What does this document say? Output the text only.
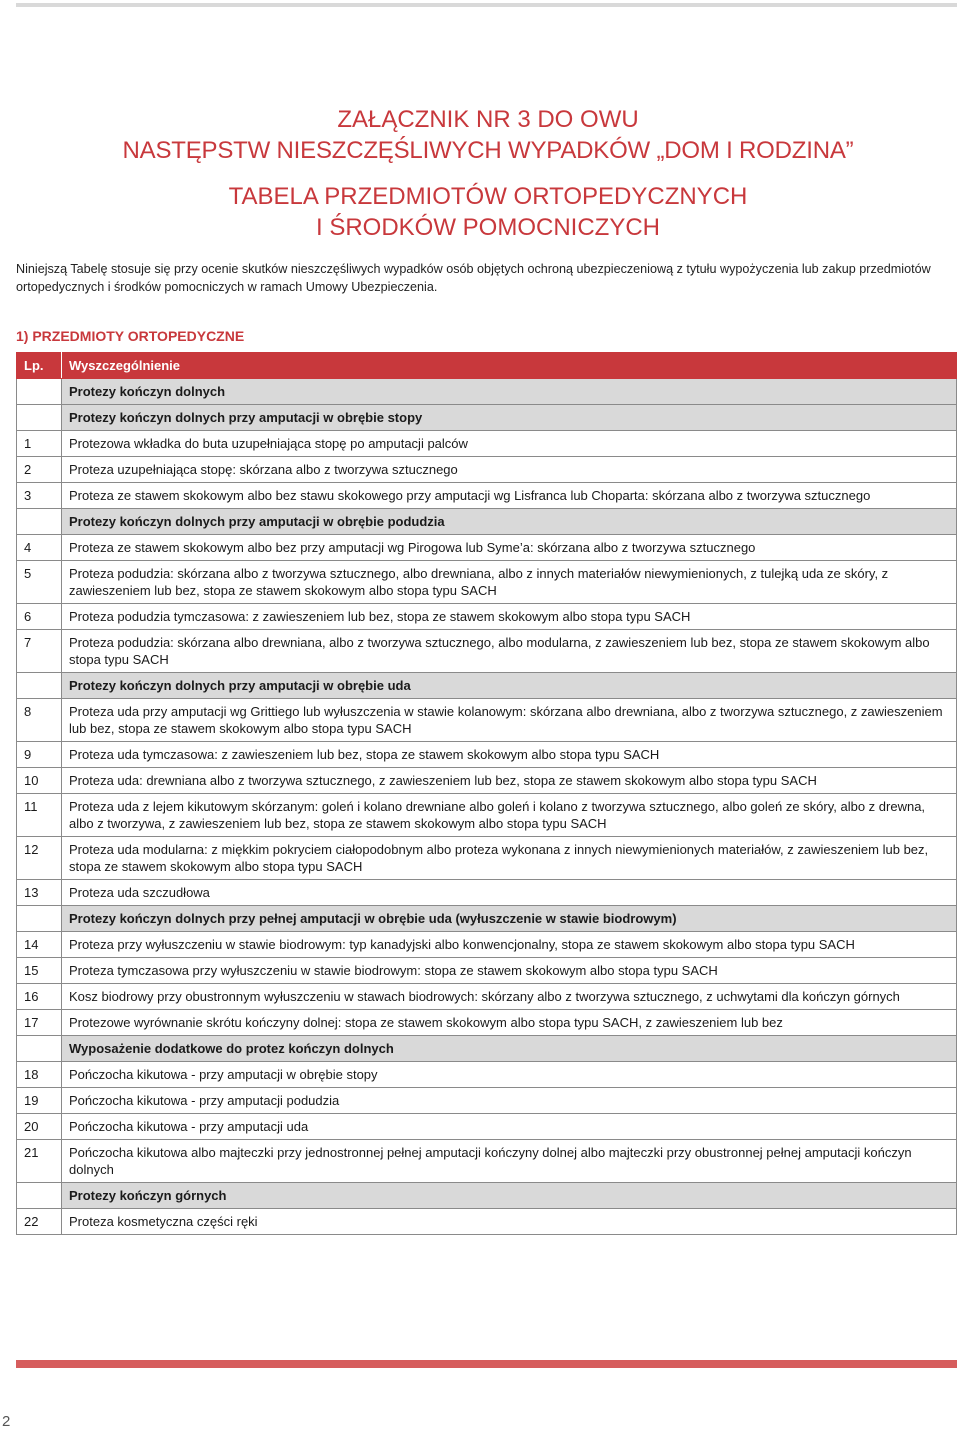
ZAŁĄCZNIK NR 3 DO OWU

NASTĘPSTW NIESZCZĘŚLIWYCH WYPADKÓW „DOM I RODZINA”

TABELA PRZEDMIOTÓW ORTOPEDYCZNYCH

I ŚRODKÓW POMOCNICZYCH

Niniejszą Tabelę stosuje się przy ocenie skutków nieszczęśliwych wypadków osób objętych ochroną ubezpieczeniową z tytułu wypożyczenia lub zakup przedmiotów ortopedycznych i środków pomocniczych w ramach Umowy Ubezpieczenia.

1) PRZEDMIOTY ORTOPEDYCZNE
Lp.	Wyszczególnienie
	Protezy kończyn dolnych
	Protezy kończyn dolnych przy amputacji w obrębie stopy
1	Protezowa wkładka do buta uzupełniająca stopę po amputacji palców
2	Proteza uzupełniająca stopę: skórzana albo z tworzywa sztucznego
3	Proteza ze stawem skokowym albo bez stawu skokowego przy amputacji wg Lisfranca lub Choparta: skórzana albo z tworzywa sztucznego
	Protezy kończyn dolnych przy amputacji w obrębie podudzia
4	Proteza ze stawem skokowym albo bez przy amputacji wg Pirogowa lub Syme’a: skórzana albo z tworzywa sztucznego
5	Proteza podudzia: skórzana albo z tworzywa sztucznego, albo drewniana, albo z innych materiałów niewymienionych, z tulejką uda ze skóry, z zawieszeniem lub bez, stopa ze stawem skokowym albo stopa typu SACH
6	Proteza podudzia tymczasowa: z zawieszeniem lub bez, stopa ze stawem skokowym albo stopa typu SACH
7	Proteza podudzia: skórzana albo drewniana, albo z tworzywa sztucznego, albo modularna, z zawieszeniem lub bez, stopa ze stawem skokowym albo stopa typu SACH
	Protezy kończyn dolnych przy amputacji w obrębie uda
8	Proteza uda przy amputacji wg Grittiego lub wyłuszczenia w stawie kolanowym: skórzana albo drewniana, albo z tworzywa sztucznego, z zawieszeniem lub bez, stopa ze stawem skokowym albo stopa typu SACH
9	Proteza uda tymczasowa: z zawieszeniem lub bez, stopa ze stawem skokowym albo stopa typu SACH
10	Proteza uda: drewniana albo z tworzywa sztucznego, z zawieszeniem lub bez, stopa ze stawem skokowym albo stopa typu SACH
11	Proteza uda z lejem kikutowym skórzanym: goleń i kolano drewniane albo goleń i kolano z tworzywa sztucznego, albo goleń ze skóry, albo z drewna, albo z tworzywa, z zawieszeniem lub bez, stopa ze stawem skokowym albo stopa typu SACH
12	Proteza uda modularna: z miękkim pokryciem ciałopodobnym albo proteza wykonana z innych niewymienionych materiałów, z zawieszeniem lub bez, stopa ze stawem skokowym albo stopa typu SACH
13	Proteza uda szczudłowa
	Protezy kończyn dolnych przy pełnej amputacji w obrębie uda (wyłuszczenie w stawie biodrowym)
14	Proteza przy wyłuszczeniu w stawie biodrowym: typ kanadyjski albo konwencjonalny, stopa ze stawem skokowym albo stopa typu SACH
15	Proteza tymczasowa przy wyłuszczeniu w stawie biodrowym: stopa ze stawem skokowym albo stopa typu SACH
16	Kosz biodrowy przy obustronnym wyłuszczeniu w stawach biodrowych: skórzany albo z tworzywa sztucznego, z uchwytami dla kończyn górnych
17	Protezowe wyrównanie skrótu kończyny dolnej: stopa ze stawem skokowym albo stopa typu SACH, z zawieszeniem lub bez
	Wyposażenie dodatkowe do protez kończyn dolnych
18	Pończocha kikutowa - przy amputacji w obrębie stopy
19	Pończocha kikutowa - przy amputacji podudzia
20	Pończocha kikutowa - przy amputacji uda
21	Pończocha kikutowa albo majteczki przy jednostronnej pełnej amputacji kończyny dolnej albo majteczki przy obustronnej pełnej amputacji kończyn dolnych
	Protezy kończyn górnych
22	Proteza kosmetyczna części ręki
2
